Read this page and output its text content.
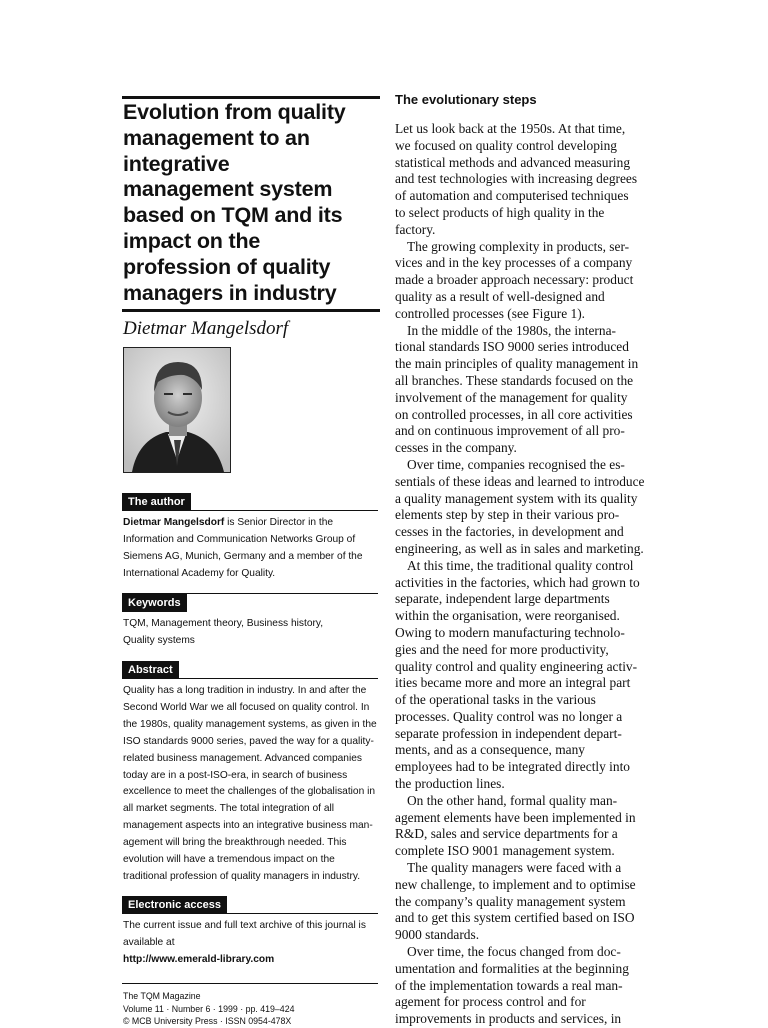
Evolution from quality
management to an
integrative
management system
based on TQM and its
impact on the
profession of quality
managers in industry

Dietmar Mangelsdorf

The author

Dietmar Mangelsdorf is Senior Director in the
Information and Communication Networks Group of
Siemens AG, Munich, Germany and a member of the
International Academy for Quality.

Keywords

TQM, Management theory, Business history,
Quality systems

Abstract

Quality has a long tradition in industry. In and after the
Second World War we all focused on quality control. In
the 1980s, quality management systems, as given in the
ISO standards 9000 series, paved the way for a quality-
related business management. Advanced companies
today are in a post-ISO-era, in search of business
excellence to meet the challenges of the globalisation in
all market segments. The total integration of all
management aspects into an integrative business man-
agement will bring the breakthrough needed. This
evolution will have a tremendous impact on the
traditional profession of quality managers in industry.

Electronic access

The current issue and full text archive of this journal is
available at
http://www.emerald-library.com

The TQM Magazine
Volume 11 · Number 6 · 1999 · pp. 419–424
© MCB University Press · ISSN 0954-478X

The evolutionary steps

Let us look back at the 1950s. At that time,
we focused on quality control developing
statistical methods and advanced measuring
and test technologies with increasing degrees
of automation and computerised techniques
to select products of high quality in the
factory.

The growing complexity in products, ser-
vices and in the key processes of a company
made a broader approach necessary: product
quality as a result of well-designed and
controlled processes (see Figure 1).

In the middle of the 1980s, the interna-
tional standards ISO 9000 series introduced
the main principles of quality management in
all branches. These standards focused on the
involvement of the management for quality
on controlled processes, in all core activities
and on continuous improvement of all pro-
cesses in the company.

Over time, companies recognised the es-
sentials of these ideas and learned to introduce
a quality management system with its quality
elements step by step in their various pro-
cesses in the factories, in development and
engineering, as well as in sales and marketing.

At this time, the traditional quality control
activities in the factories, which had grown to
separate, independent large departments
within the organisation, were reorganised.
Owing to modern manufacturing technolo-
gies and the need for more productivity,
quality control and quality engineering activ-
ities became more and more an integral part
of the operational tasks in the various
processes. Quality control was no longer a
separate profession in independent depart-
ments, and as a consequence, many
employees had to be integrated directly into
the production lines.

On the other hand, formal quality man-
agement elements have been implemented in
R&D, sales and service departments for a
complete ISO 9001 management system.

The quality managers were faced with a
new challenge, to implement and to optimise
the company’s quality management system
and to get this system certified based on ISO
9000 standards.

Over time, the focus changed from doc-
umentation and formalities at the beginning
of the implementation towards a real man-
agement for process control and for
improvements in products and services, in
